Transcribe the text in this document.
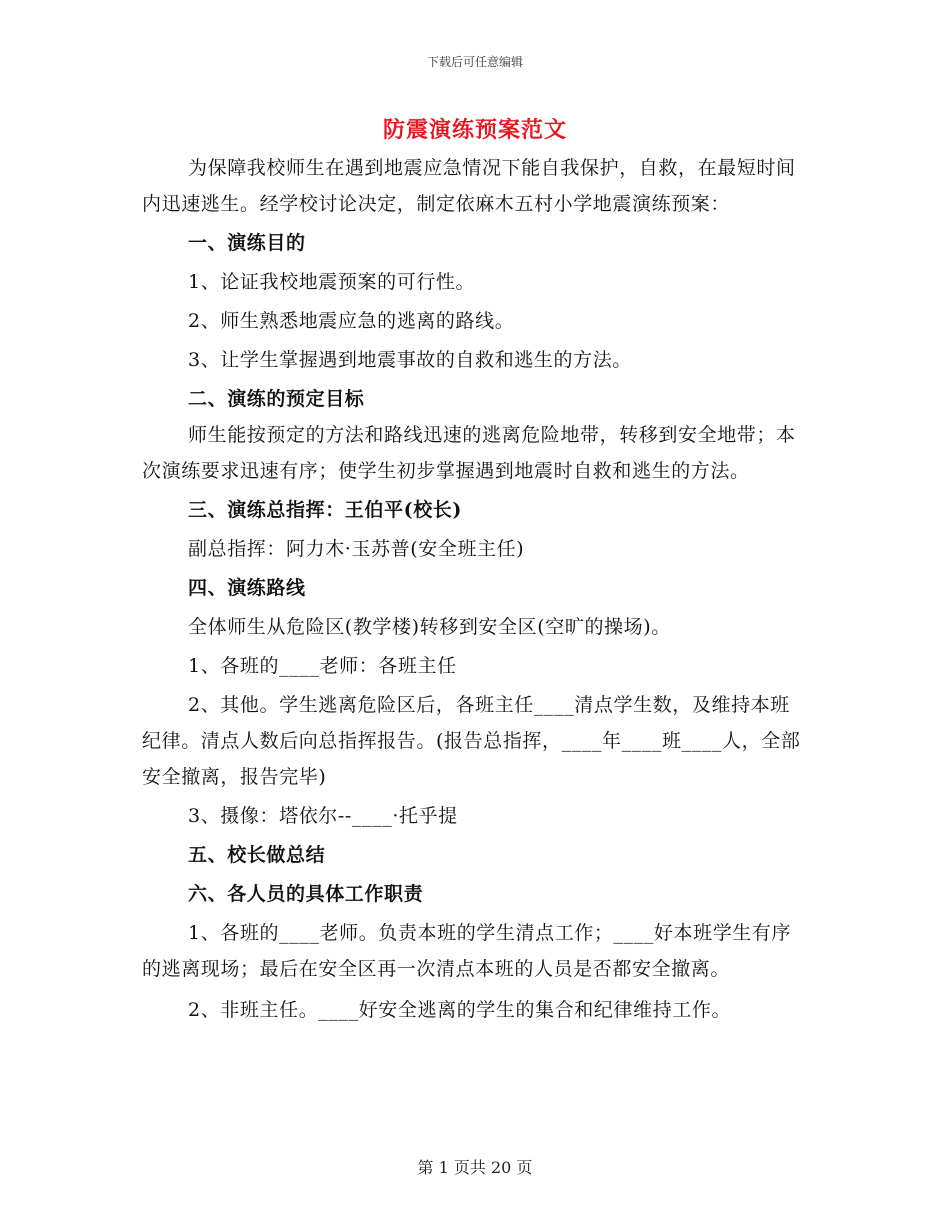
下载后可任意编辑
防震演练预案范文

为保障我校师生在遇到地震应急情况下能自我保护，自救，在最短时间内迅速逃生。经学校讨论决定，制定依麻木五村小学地震演练预案：

一、演练目的

1、论证我校地震预案的可行性。

2、师生熟悉地震应急的逃离的路线。

3、让学生掌握遇到地震事故的自救和逃生的方法。

二、演练的预定目标

师生能按预定的方法和路线迅速的逃离危险地带，转移到安全地带；本次演练要求迅速有序；使学生初步掌握遇到地震时自救和逃生的方法。

三、演练总指挥：王伯平(校长)

副总指挥：阿力木·玉苏普(安全班主任)

四、演练路线

全体师生从危险区(教学楼)转移到安全区(空旷的操场)。

1、各班的____老师：各班主任

2、其他。学生逃离危险区后，各班主任____清点学生数，及维持本班纪律。清点人数后向总指挥报告。(报告总指挥，____年____班____人，全部安全撤离，报告完毕)

3、摄像：塔依尔--____·托乎提

五、校长做总结

六、各人员的具体工作职责

1、各班的____老师。负责本班的学生清点工作；____好本班学生有序的逃离现场；最后在安全区再一次清点本班的人员是否都安全撤离。

2、非班主任。____好安全逃离的学生的集合和纪律维持工作。

第 1 页共 20 页
